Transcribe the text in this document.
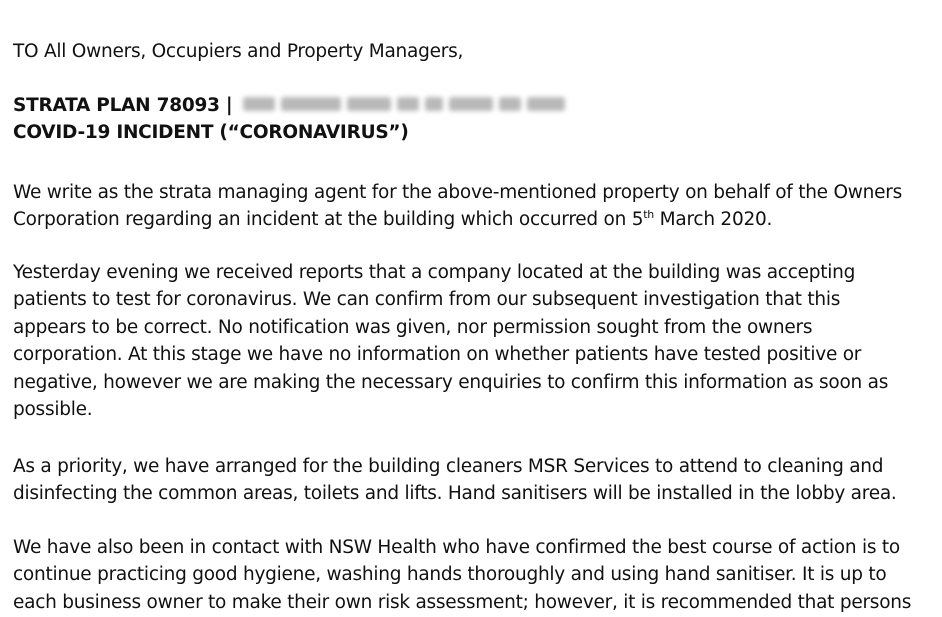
TO All Owners, Occupiers and Property Managers,
STRATA PLAN 78093 |
COVID-19 INCIDENT (“CORONAVIRUS”)
We write as the strata managing agent for the above-mentioned property on behalf of the Owners
Corporation regarding an incident at the building which occurred on 5th March 2020.
Yesterday evening we received reports that a company located at the building was accepting
patients to test for coronavirus. We can confirm from our subsequent investigation that this
appears to be correct. No notification was given, nor permission sought from the owners
corporation. At this stage we have no information on whether patients have tested positive or
negative, however we are making the necessary enquiries to confirm this information as soon as
possible.
As a priority, we have arranged for the building cleaners MSR Services to attend to cleaning and
disinfecting the common areas, toilets and lifts. Hand sanitisers will be installed in the lobby area.
We have also been in contact with NSW Health who have confirmed the best course of action is to
continue practicing good hygiene, washing hands thoroughly and using hand sanitiser. It is up to
each business owner to make their own risk assessment; however, it is recommended that persons
